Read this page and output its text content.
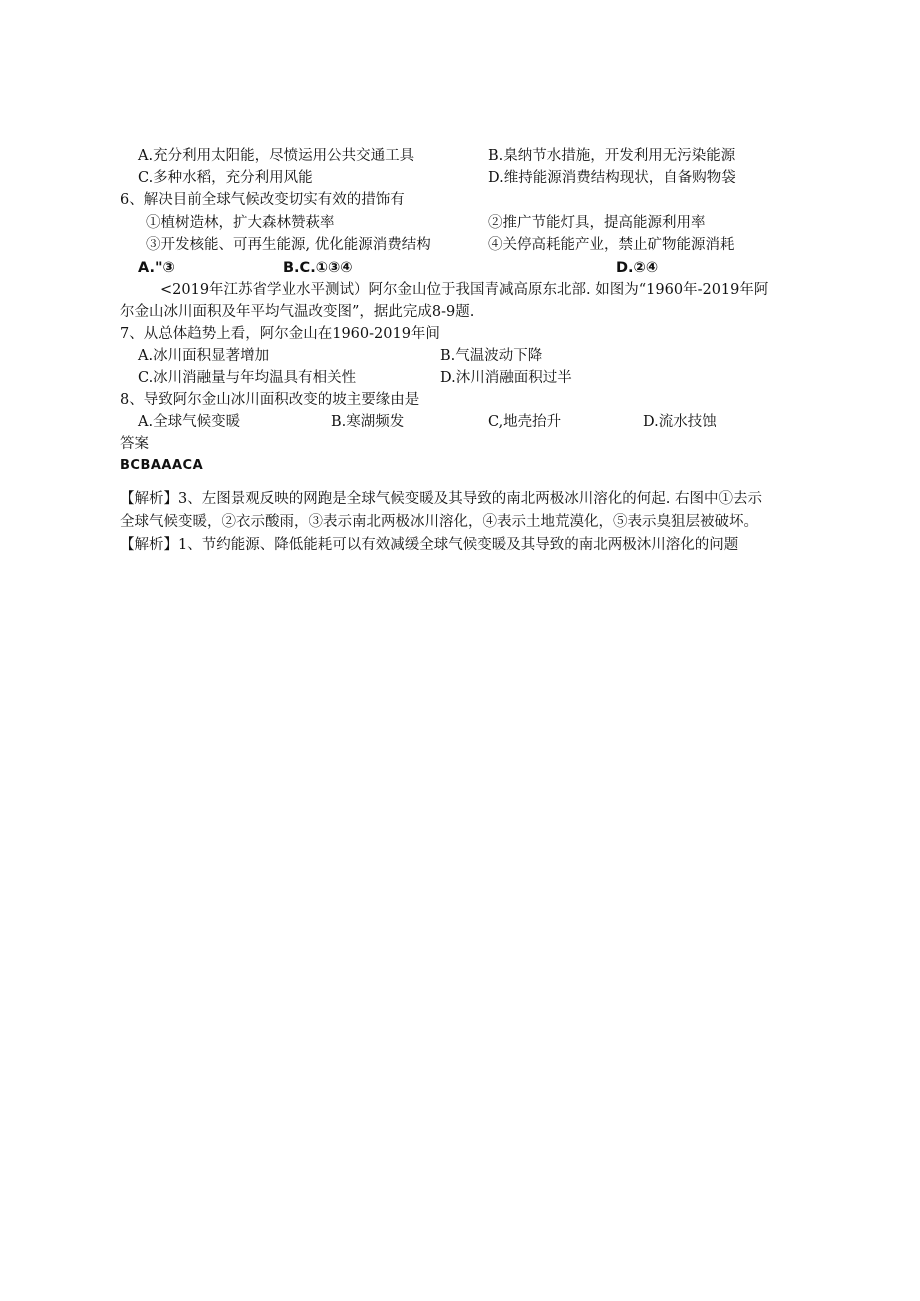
A.充分利用太阳能，尽愤运用公共交通工具	B.臬纳节水措施，开发利用无污染能源
C.多种水稻，充分利用风能	D.维持能源消费结构现状，自备购物袋
6、解决目前全球气候改变切实有效的措饰有
①植树造林，扩大森林赞萩率	②推广节能灯具，提高能源利用率
③开发核能、可再生能源, 优化能源消费结构	④关停高耗能产业，禁止矿物能源消耗
A."③	B.C.①③④	D.②④
<2019年江苏省学业水平测试）阿尔金山位于我国青减高原东北部. 如图为“1960年-2019年阿
尔金山冰川面积及年平均气温改变图”，据此完成8-9题.
7、从总体趋势上看，阿尔金山在1960-2019年间
A.冰川面积显著增加	B.气温波动下降
C.冰川消融量与年均温具有相关性	D.沐川消融面积过半
8、导致阿尔金山冰川面积改变的坡主要缘由是
A.全球气候变暖	B.寒湖频发	C,地壳抬升	D.流水技蚀
答案
BCBAAACA
【解析】3、左图景观反映的网跑是全球气候变暖及其导致的南北两极冰川溶化的何起. 右图中①去示
全球气候变暖，②衣示酸雨，③表示南北两极冰川溶化，④表示土地荒漠化，⑤表示臭狙层被破坏。
【解析】1、节约能源、降低能耗可以有效减缓全球气候变暖及其导致的南北两极沐川溶化的问题
